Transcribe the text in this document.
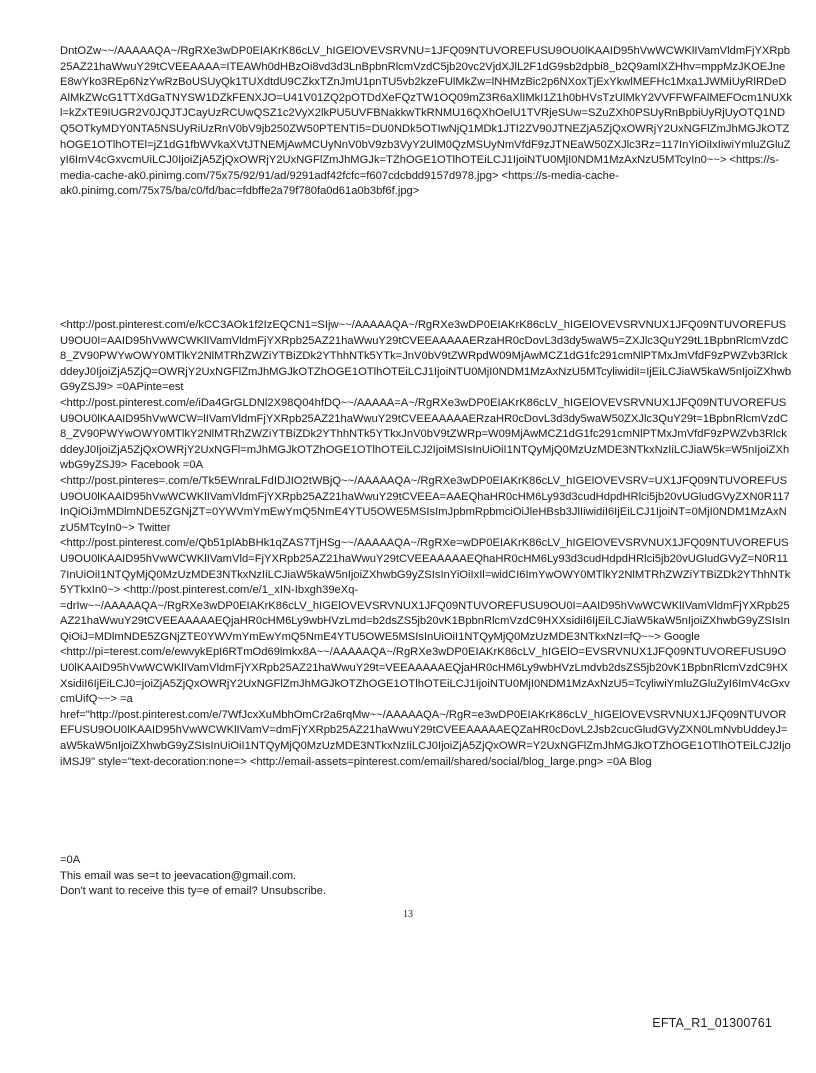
DntOZw~~/AAAAAQA~/RgRXe3wDP0EIAKrK86cLV_hIGElOVEVSRVNU=1JFQ09NTUVOREFUSU9OU0lKAAID95hVwWCWKlIVamVldmFjYXRpb25AZ21haWwuY29tCVEEAAAA=ITEAWh0dHBzOi8vd3d3LnBpbnRlcmVzdC5jb20vc2VjdXJlL2F1dG9sb2dpbi8_b2Q9amlXZHhv=mppMzJKOEJneE8wYko3REp6NzYwRzBoUSUyQk1TUXdtdU9CZkxTZnJmU1pnTU5vb2kzeFUlMkZw=lNHMzBic2p6NXoxTjExYkwlMEFHc1Mxa1JWMiUyRlRDeDAlMkZWcG1TTXdGaTNYSW1DZkFENXJO=U41V01ZQ2pOTDdXeFQzTW1OQ09mZ3R6aXlIMkI1Z1h0bHVsTzUlMkY2VVFFWFAlMEFOcm1NUXkl=kZxTE9IUGR2V0JQJTJCayUzRCUwQSZ1c2VyX2lkPU5UVFBNakkwTkRNMU16QXhOelU1TVRjeSUw=SZuZXh0PSUyRnBpbiUyRjUyOTQ1NDQ5OTkyMDY0NTA5NSUyRiUzRnV0bV9jb250ZW50PTENTI5=DU0NDk5OTIwNjQ1MDk1JTI2ZV90JTNEZjA5ZjQxOWRjY2UxNGFlZmJhMGJkOTZhOGE1OTlhOTEl=jZ1dG1fbWVkaXVtJTNEMjAwMCUyNnV0bV9zb3VyY2UlM0QzMSUyNmVfdF9zJTNEaW50ZXJlc3Rz=117InYiOiIxIiwiYmluZGluZyI6ImV4cGxvcmUiLCJ0IjoiZjA5ZjQxOWRjY2UxNGFlZmJhMGJk=TZhOGE1OTlhOTEiLCJ1IjoiNTU0MjI0NDM1MzAxNzU5MTcyIn0~~> <https://s-media-cache-ak0.pinimg.com/75x75/92/91/ad/9291adf42fcfc=f607cdcbdd9157d978.jpg> <https://s-media-cache-ak0.pinimg.com/75x75/ba/c0/fd/bac=fdbffe2a79f780fa0d61a0b3bf6f.jpg>
<http://post.pinterest.com/e/kCC3AOk1f2IzEQCN1=SIjw~~/AAAAAQA~/RgRXe3wDP0EIAKrK86cLV_hIGElOVEVSRVNUX1JFQ09NTUVOREFUSU9OU0I=AAID95hVwWCWKlIVamVldmFjYXRpb25AZ21haWwuY29tCVEEAAAAAERzaHR0cDovL3d3dy5waW5=ZXJlc3QuY29tL1BpbnRlcmVzdC8_ZV90PWYwOWY0MTlkY2NlMTRhZWZiYTBiZDk2YThhNTk5YTk=JnV0bV9tZWRpdW09MjAwMCZ1dG1fc291cmNlPTMxJmVfdF9zPWZvb3RlckddeyJ0IjoiZjA5ZjQ=OWRjY2UxNGFlZmJhMGJkOTZhOGE1OTlhOTEiLCJ1IjoiNTU0MjI0NDM1MzAxNzU5MTcyliwidiI=IjEiLCJiaW5kaW5nIjoiZXhwbG9yZSJ9> =0APinte=est <http://post.pinterest.com/e/iDa4GrGLDNl2X98Q04hfDQ~~/AAAAA=A~/RgRXe3wDP0EIAKrK86cLV_hIGElOVEVSRVNUX1JFQ09NTUVOREFUSU9OU0lKAAID95hVwWCW=lIVamVldmFjYXRpb25AZ21haWwuY29tCVEEAAAAAERzaHR0cDovL3d3dy5waW50ZXJlc3QuY29t=1BpbnRlcmVzdC8_ZV90PWYwOWY0MTlkY2NlMTRhZWZiYTBiZDk2YThhNTk5YTkxJnV0bV9tZWRp=W09MjAwMCZ1dG1fc291cmNlPTMxJmVfdF9zPWZvb3RlckddeyJ0IjoiZjA5ZjQxOWRjY2UxNGFl=mJhMGJkOTZhOGE1OTlhOTEiLCJ2IjoiMSIsInUiOiI1NTQyMjQ0MzUzMDE3NTkxNzIiLCJiaW5k=W5nIjoiZXhwbG9yZSJ9> Facebook =0A <http://post.pinteres=.com/e/Tk5EWnraLFdIDJIO2tWBjQ~~/AAAAAQA~/RgRXe3wDP0EIAKrK86cLV_hIGElOVEVSRV=UX1JFQ09NTUVOREFUSU9OU0lKAAID95hVwWCWKlIVamVldmFjYXRpb25AZ21haWwuY29tCVEEA=AAEQhaHR0cHM6Ly93d3cudHdpdHRlci5jb20vUGludGVyZXN0R117InQiOiJmMDlmNDE5ZGNjZT=0YWVmYmEwYmQ5NmE4YTU5OWE5MSIsImJpbmRpbmciOiJleHBsb3JlIiwidiI6IjEiLCJ1IjoiNT=0MjI0NDM1MzAxNzU5MTcyIn0~> Twitter <http://post.pinterest.com/e/Qb51plAbBHk1qZAS7TjHSg~~/AAAAAQA~/RgRXe=wDP0EIAKrK86cLV_hIGElOVEVSRVNUX1JFQ09NTUVOREFUSU9OU0lKAAID95hVwWCWKlIVamVld=FjYXRpb25AZ21haWwuY29tCVEEAAAAAEQhaHR0cHM6Ly93d3cudHdpdHRlci5jb20vUGludGVyZ=N0R117InUiOiI1NTQyMjQ0MzUzMDE3NTkxNzIiLCJiaW5kaW5nIjoiZXhwbG9yZSIsInYiOiIxIl=widCI6ImYwOWY0MTlkY2NlMTRhZWZiYTBiZDk2YThhNTk5YTkxIn0~> <http://post.pinterest.com/e/1_xIN-Ibxgh39eXq-=drIw~~/AAAAAQA~/RgRXe3wDP0EIAKrK86cLV_hIGElOVEVSRVNUX1JFQ09NTUVOREFUSU9OU0I=AAID95hVwWCWKlIVamVldmFjYXRpb25AZ21haWwuY29tCVEEAAAAAEQjaHR0cHM6Ly9wbHVzLmd=b2dsZS5jb20vK1BpbnRlcmVzdC9HXXsidiI6IjEiLCJiaW5kaW5nIjoiZXhwbG9yZSIsInQiOiJ=MDlmNDE5ZGNjZTE0YWVmYmEwYmQ5NmE4YTU5OWE5MSIsInUiOiI1NTQyMjQ0MzUzMDE3NTkxNzI=fQ~~> Google <http://pi=terest.com/e/ewvykEpI6RTmOd69lmkx8A~~/AAAAAQA~/RgRXe3wDP0EIAKrK86cLV_hIGElO=EVSRVNUX1JFQ09NTUVOREFUSU9OU0lKAAID95hVwWCWKlIVamVldmFjYXRpb25AZ21haWwuY29t=VEEAAAAAEQjaHR0cHM6Ly9wbHVzLmdvb2dsZS5jb20vK1BpbnRlcmVzdC9HXXsidiI6IjEiLCJ0=joiZjA5ZjQxOWRjY2UxNGFlZmJhMGJkOTZhOGE1OTlhOTEiLCJ1IjoiNTU0MjI0NDM1MzAxNzU5=TcyliwiYmluZGluZyI6ImV4cGxvcmUifQ~~> =a href="http://post.pinterest.com/e/7WfJcxXuMbhOmCr2a6rqMw~~/AAAAAQA~/RgR=e3wDP0EIAKrK86cLV_hIGElOVEVSRVNUX1JFQ09NTUVOREFUSU9OU0lKAAID95hVwWCWKlIVamV=dmFjYXRpb25AZ21haWwuY29tCVEEAAAAAEQZaHR0cDovL2Jsb2cucGludGVyZXN0LmNvbUddeyJ=aW5kaW5nIjoiZXhwbG9yZSIsInUiOiI1NTQyMjQ0MzUzMDE3NTkxNzIiLCJ0IjoiZjA5ZjQxOWR=Y2UxNGFlZmJhMGJkOTZhOGE1OTlhOTEiLCJ2IjoiMSJ9" style="text-decoration:none=> <http://email-assets=pinterest.com/email/shared/social/blog_large.png> =0A Blog
=0A
This email was se=t to jeevacation@gmail.com.
Don't want to receive this ty=e of email? Unsubscribe.
13
EFTA_R1_01300761
